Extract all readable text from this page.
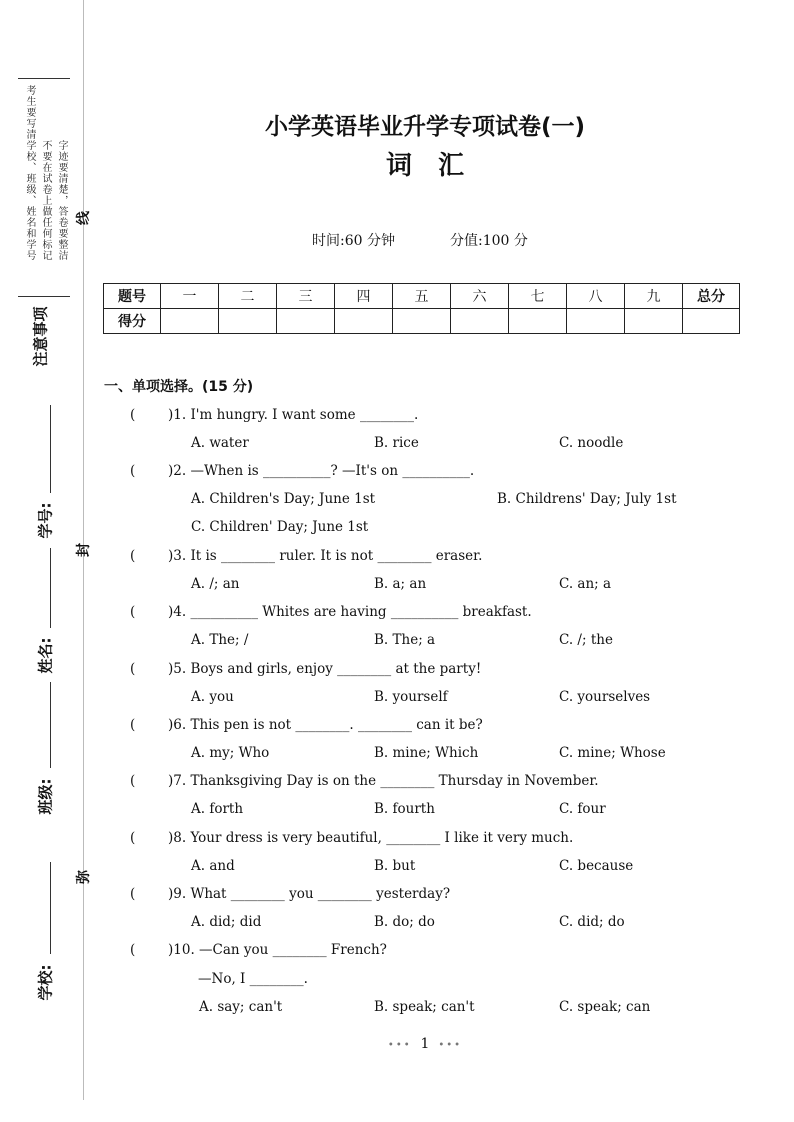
考生要写清学校、班级、姓名和学号 不要在试卷上做任何标记 字迹要清楚，答卷要整洁
注意事项
学校:
班级:
姓名:
学号:
弥
封
线
小学英语毕业升学专项试卷(一)
词　汇
时间:60 分钟	分值:100 分
题号	一	二	三	四	五	六	七	八	九	总分
得分										
一、单项选择。(15 分)
( )1. I'm hungry. I want some ________.
A. water	B. rice	C. noodle
( )2. —When is __________? —It's on __________.
A. Children's Day; June 1st	B. Childrens' Day; July 1st
C. Children' Day; June 1st
( )3. It is ________ ruler. It is not ________ eraser.
A. /; an	B. a; an	C. an; a
( )4. __________ Whites are having __________ breakfast.
A. The; /	B. The; a	C. /; the
( )5. Boys and girls, enjoy ________ at the party!
A. you	B. yourself	C. yourselves
( )6. This pen is not ________. ________ can it be?
A. my; Who	B. mine; Which	C. mine; Whose
( )7. Thanksgiving Day is on the ________ Thursday in November.
A. forth	B. fourth	C. four
( )8. Your dress is very beautiful, ________ I like it very much.
A. and	B. but	C. because
( )9. What ________ you ________ yesterday?
A. did; did	B. do; do	C. did; do
( )10. —Can you ________ French?
—No, I ________.
A. say; can't	B. speak; can't	C. speak; can
••• 1 •••
